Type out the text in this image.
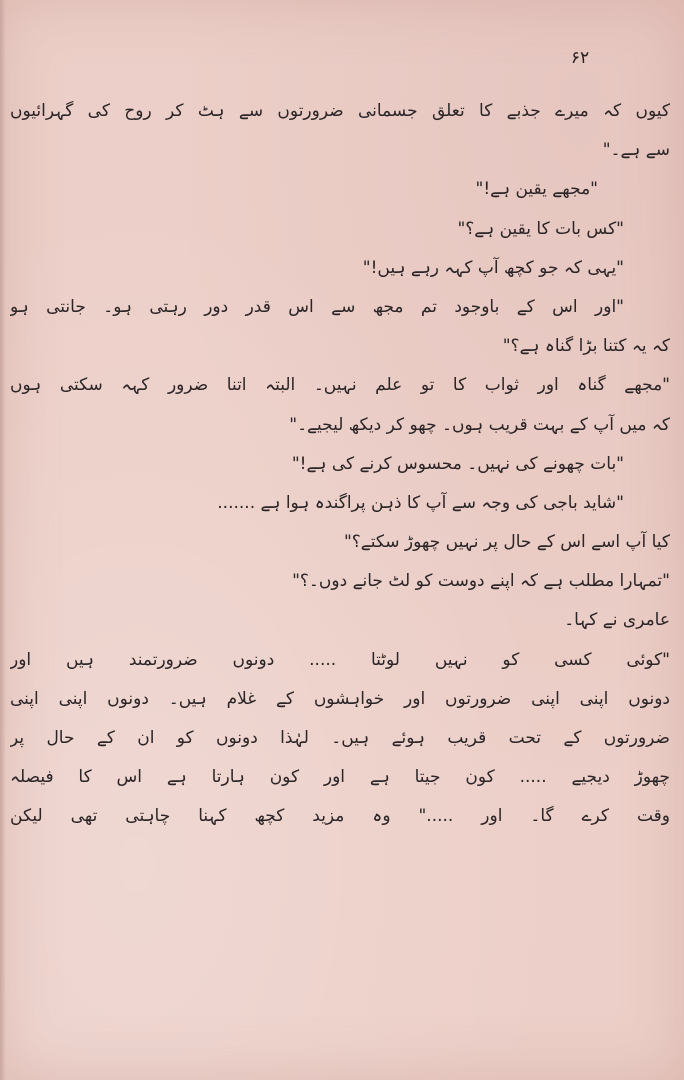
۶۲
کیوں کہ میرے جذبے کا تعلق جسمانی ضرورتوں سے ہٹ کر روح کی گہرائیوں
سے ہے۔"
"مجھے یقین ہے!"
"کس بات کا یقین ہے؟"
"یہی کہ جو کچھ آپ کہہ رہے ہیں!"
"اور اس کے باوجود تم مجھ سے اس قدر دور رہتی ہو۔ جانتی ہو
کہ یہ کتنا بڑا گناہ ہے؟"
"مجھے گناہ اور ثواب کا تو علم نہیں۔ البتہ اتنا ضرور کہہ سکتی ہوں
کہ میں آپ کے بہت قریب ہوں۔ چھو کر دیکھ لیجیے۔"
"بات چھونے کی نہیں۔ محسوس کرنے کی ہے!"
"شاید باجی کی وجہ سے آپ کا ذہن پراگندہ ہوا ہے .......
کیا آپ اسے اس کے حال پر نہیں چھوڑ سکتے؟"
"تمہارا مطلب ہے کہ اپنے دوست کو لٹ جانے دوں۔؟"
عامری نے کہا۔
"کوئی کسی کو نہیں لوٹتا ..... دونوں ضرورتمند ہیں اور
دونوں اپنی اپنی ضرورتوں اور خواہشوں کے غلام ہیں۔ دونوں اپنی اپنی
ضرورتوں کے تحت قریب ہوئے ہیں۔ لہٰذا دونوں کو ان کے حال پر
چھوڑ دیجیے ..... کون جیتا ہے اور کون ہارتا ہے اس کا فیصلہ
وقت کرے گا۔ اور ....." وہ مزید کچھ کہنا چاہتی تھی لیکن
